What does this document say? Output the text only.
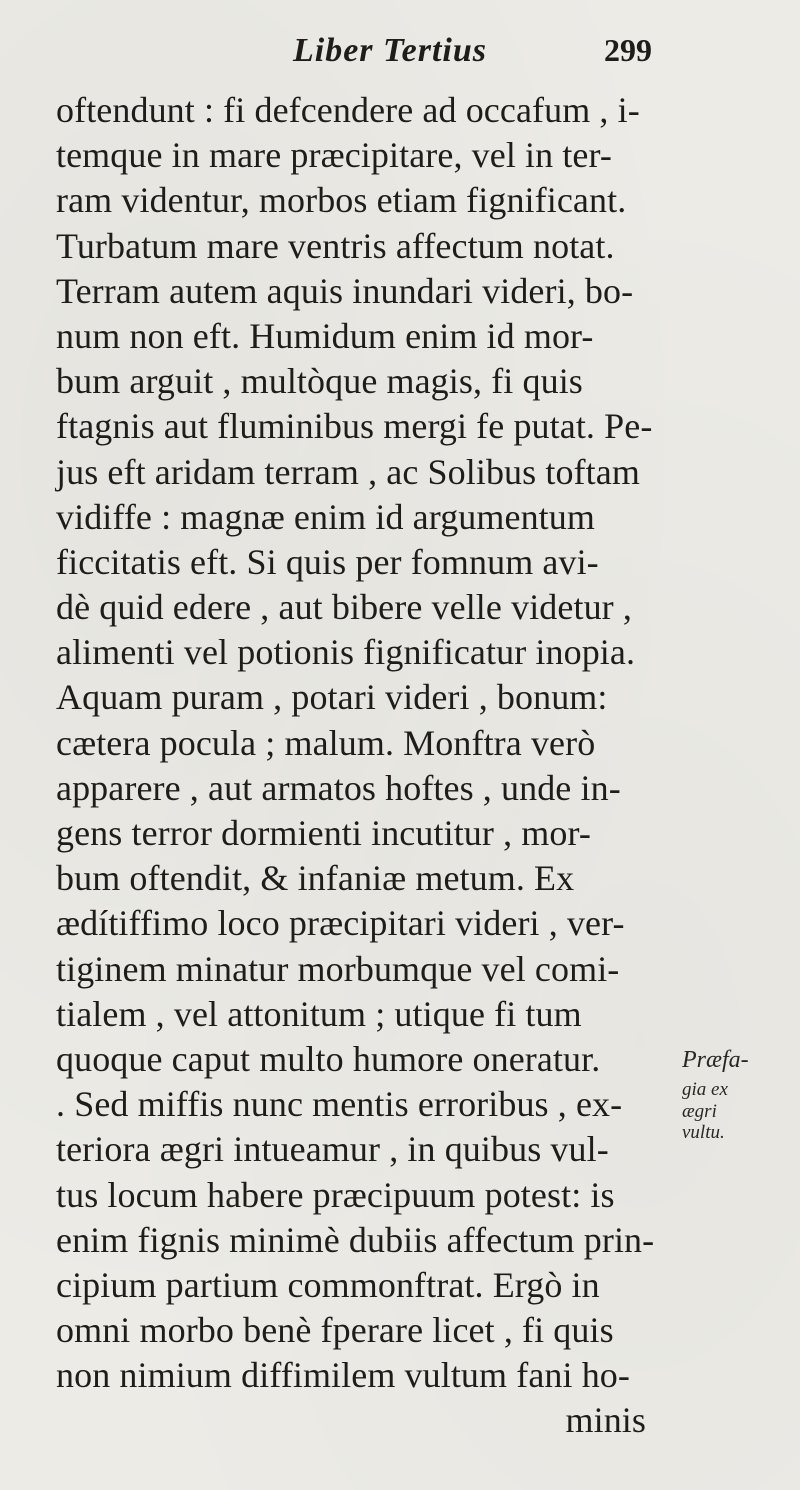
Liber Tertius	299
oftendunt : fi defcendere ad occafum , i-
temque in mare præcipitare, vel in ter-
ram videntur, morbos etiam fignificant.
Turbatum mare ventris affectum notat.
Terram autem aquis inundari videri, bo-
num non eft. Humidum enim id mor-
bum arguit , multòque magis, fi quis
ftagnis aut fluminibus mergi fe putat. Pe-
jus eft aridam terram , ac Solibus toftam
vidiffe : magnæ enim id argumentum
ficcitatis eft. Si quis per fomnum avi-
dè quid edere , aut bibere velle videtur ,
alimenti vel potionis fignificatur inopia.
Aquam puram , potari videri , bonum:
cætera pocula ; malum. Monftra verò
apparere , aut armatos hoftes , unde in-
gens terror dormienti incutitur , mor-
bum oftendit, & infaniæ metum. Ex
ædítiffimo loco præcipitari videri , ver-
tiginem minatur morbumque vel comi-
tialem , vel attonitum ; utique fi tum
quoque caput multo humore oneratur.
. Sed miffis nunc mentis erroribus , ex-
teriora ægri intueamur , in quibus vul-
tus locum habere præcipuum potest: is
enim fignis minimè dubiis affectum prin-
cipium partium commonftrat. Ergò in
omni morbo benè fperare licet , fi quis
non nimium diffimilem vultum fani ho-
minis
Præfa-
gia ex
ægri
vultu.
